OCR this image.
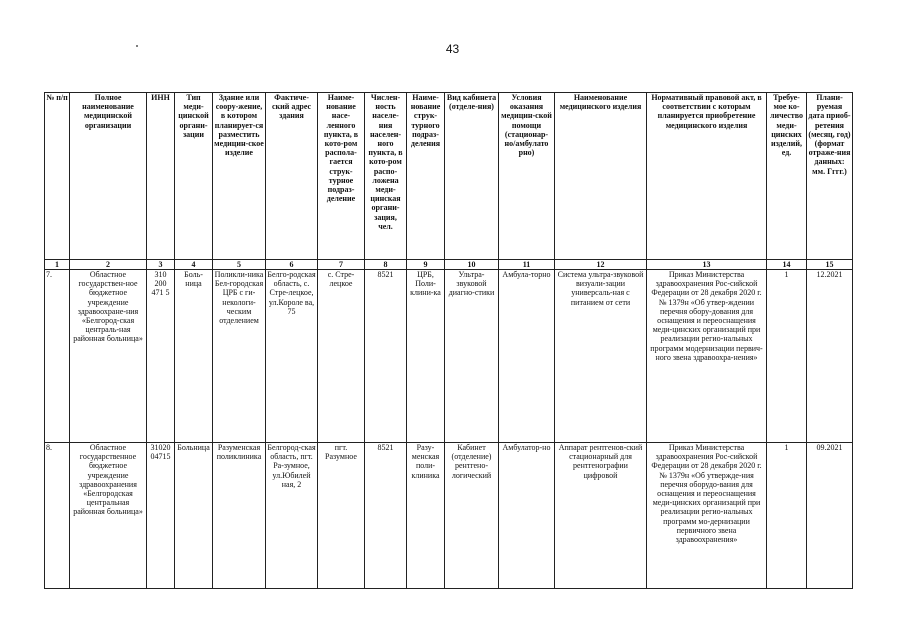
43
№ п/п	Полное наименование медицинской организации	ИНН	Тип меди-цинской органи-зации	Здание или соору-жение, в котором планирует-ся разместить медицин-ское изделие	Фактиче-ский адрес здания	Наиме-нование насе-ленного пункта, в кото-ром распола-гается струк-турное подраз-деление	Числен-ность населе-ния населен-ного пункта, в кото-ром распо-ложена меди-цинская органи-зация, чел.	Наиме-нование струк-турного подраз-деления	Вид кабинета (отделе-ния)	Условия оказания медицин-ской помощи (стационар-но/амбулато рно)	Наименование медицинского изделия	Нормативный правовой акт, в соответствии с которым планируется приобретение медицинского изделия	Требуе-мое ко-личество меди-цинских изделий, ед.	Плани-руемая дата приоб-ретения (месяц, год) (формат отраже-ния данных: мм. Гггг.)
1	2	3	4	5	6	7	8	9	10	11	12	13	14	15
7.	Областное государствен-ное бюджетное учреждение здравоохране-ния «Белгород-ская централь-ная районная больница»	310 200 471 5	Боль-ница	Поликли-ника Бел-городская ЦРБ с ги-некологи-ческим отделением	Белго-родская область, с. Стре-лецкое, ул.Короле ва, 75	с. Стре-лецкое	8521	ЦРБ, Поли-клини-ка	Ультра-звуковой диагно-стики	Амбула-торно	Система ультра-звуковой визуали-зации универсаль-ная с питанием от сети	Приказ Министерства здравоохранения Рос-сийской Федерации от 28 декабря 2020 г. № 1379н «Об утвер-ждении перечня обору-дования для оснащения и переоснащения меди-цинских организаций при реализации регио-нальных программ модернизации первич-ного звена здравоохра-нения»	1	12.2021
8.	Областное государственное бюджетное учреждение здравоохранения «Белгородская центральная районная больница»	31020 04715	Больница	Разуменская поликлиника	Белгород-ская область, пгт. Ра-зумное, ул.Юбилей ная, 2	пгт. Разумное	8521	Разу-менская поли-клиника	Кабинет (отделение) рентгено-логический	Амбулатор-но	Аппарат рентгенов-ский стационарный для рентгенографии цифровой	Приказ Министерства здравоохранения Рос-сийской Федерации от 28 декабря 2020 г. № 1379н «Об утвержде-ния перечня оборудо-вания для оснащения и переоснащения меди-цинских организаций при реализации регио-нальных программ мо-дернизации первичного звена здравоохранения»	1	09.2021
